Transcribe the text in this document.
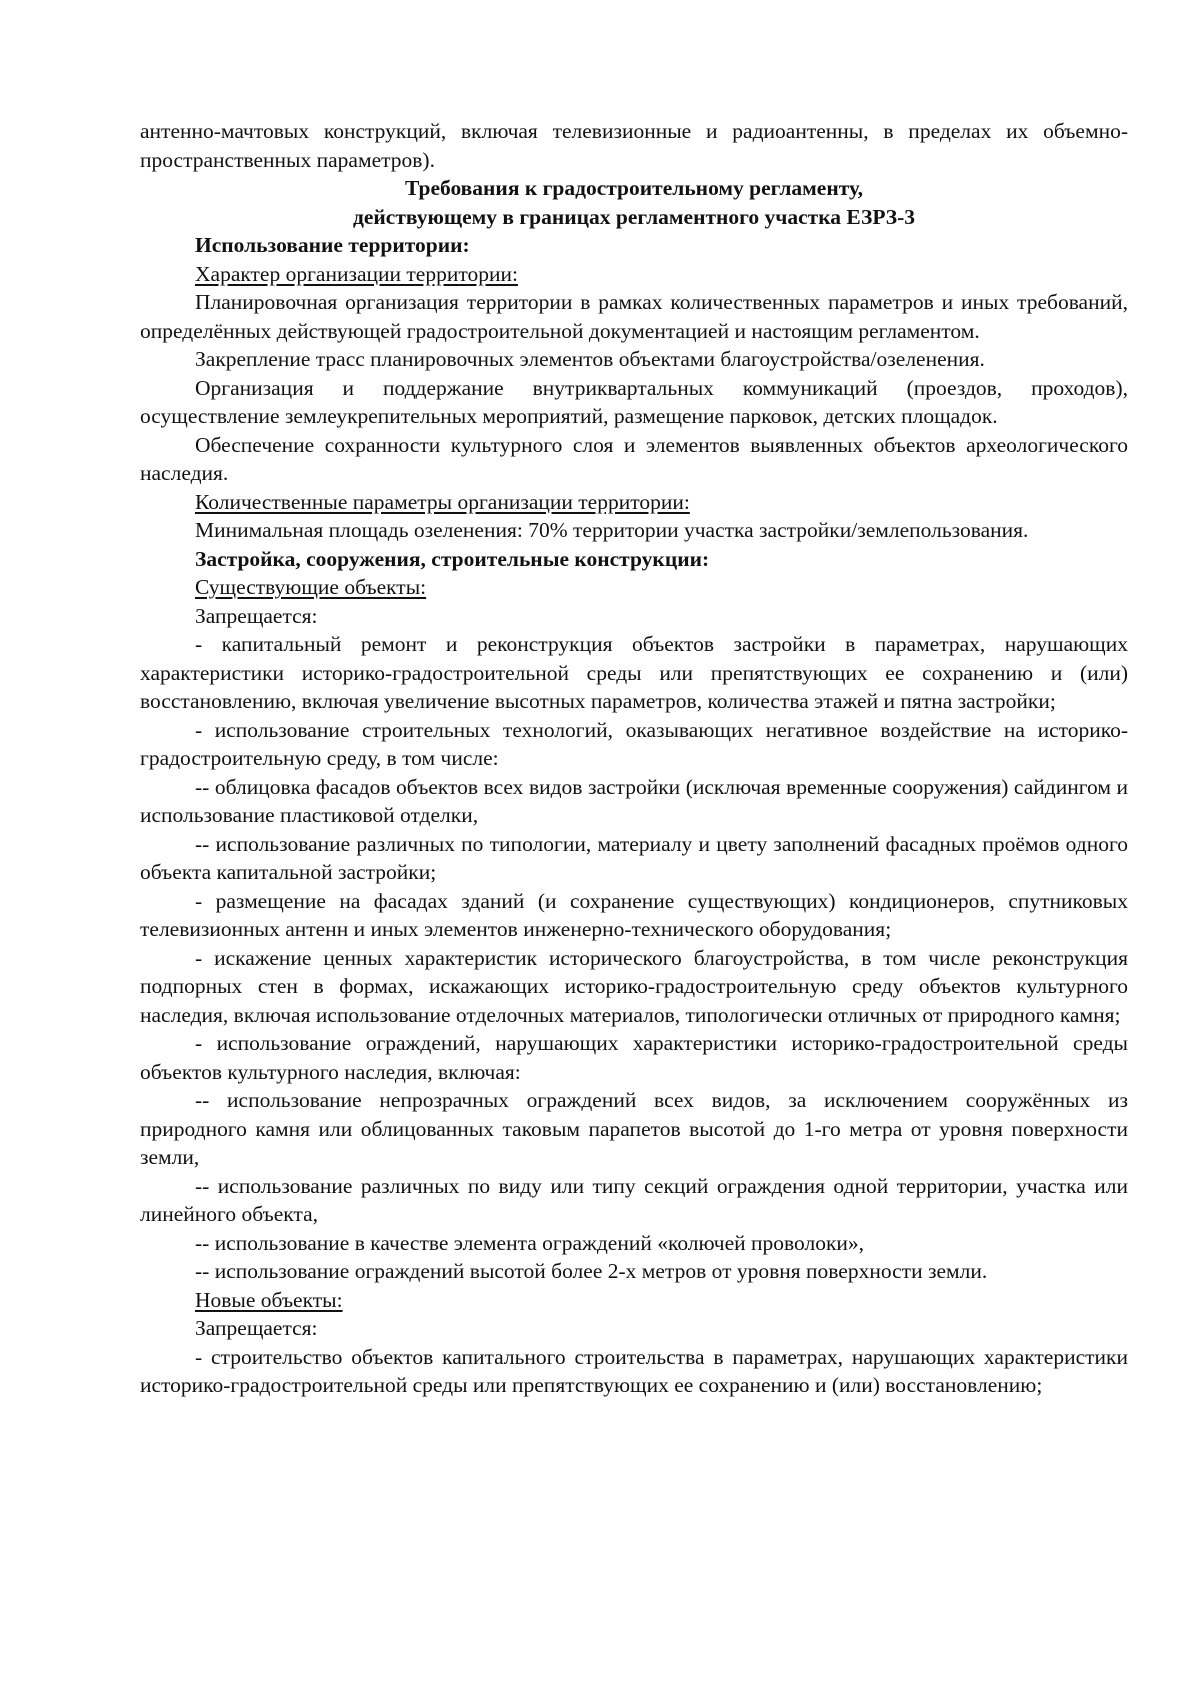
антенно-мачтовых конструкций, включая телевизионные и радиоантенны, в пределах их объемно-пространственных параметров).

Требования к градостроительному регламенту,

действующему в границах регламентного участка ЕЗРЗ-3

Использование территории:

Характер организации территории:

Планировочная организация территории в рамках количественных параметров и иных требований, определённых действующей градостроительной документацией и настоящим регламентом.

Закрепление трасс планировочных элементов объектами благоустройства/озеленения.

Организация и поддержание внутриквартальных коммуникаций (проездов, проходов), осуществление землеукрепительных мероприятий, размещение парковок, детских площадок.

Обеспечение сохранности культурного слоя и элементов выявленных объектов археологического наследия.

Количественные параметры организации территории:

Минимальная площадь озеленения: 70% территории участка застройки/землепользования.

Застройка, сооружения, строительные конструкции:

Существующие объекты:

Запрещается:

- капитальный ремонт и реконструкция объектов застройки в параметрах, нарушающих характеристики историко-градостроительной среды или препятствующих ее сохранению и (или) восстановлению, включая увеличение высотных параметров, количества этажей и пятна застройки;

- использование строительных технологий, оказывающих негативное воздействие на историко-градостроительную среду, в том числе:

-- облицовка фасадов объектов всех видов застройки (исключая временные сооружения) сайдингом и использование пластиковой отделки,

-- использование различных по типологии, материалу и цвету заполнений фасадных проёмов одного объекта капитальной застройки;

- размещение на фасадах зданий (и сохранение существующих) кондиционеров, спутниковых телевизионных антенн и иных элементов инженерно-технического оборудования;

- искажение ценных характеристик исторического благоустройства, в том числе реконструкция подпорных стен в формах, искажающих историко-градостроительную среду объектов культурного наследия, включая использование отделочных материалов, типологически отличных от природного камня;

- использование ограждений, нарушающих характеристики историко-градостроительной среды объектов культурного наследия, включая:

-- использование непрозрачных ограждений всех видов, за исключением сооружённых из природного камня или облицованных таковым парапетов высотой до 1-го метра от уровня поверхности земли,

-- использование различных по виду или типу секций ограждения одной территории, участка или линейного объекта,

-- использование в качестве элемента ограждений «колючей проволоки»,

-- использование ограждений высотой более 2-х метров от уровня поверхности земли.

Новые объекты:

Запрещается:

- строительство объектов капитального строительства в параметрах, нарушающих характеристики историко-градостроительной среды или препятствующих ее сохранению и (или) восстановлению;
